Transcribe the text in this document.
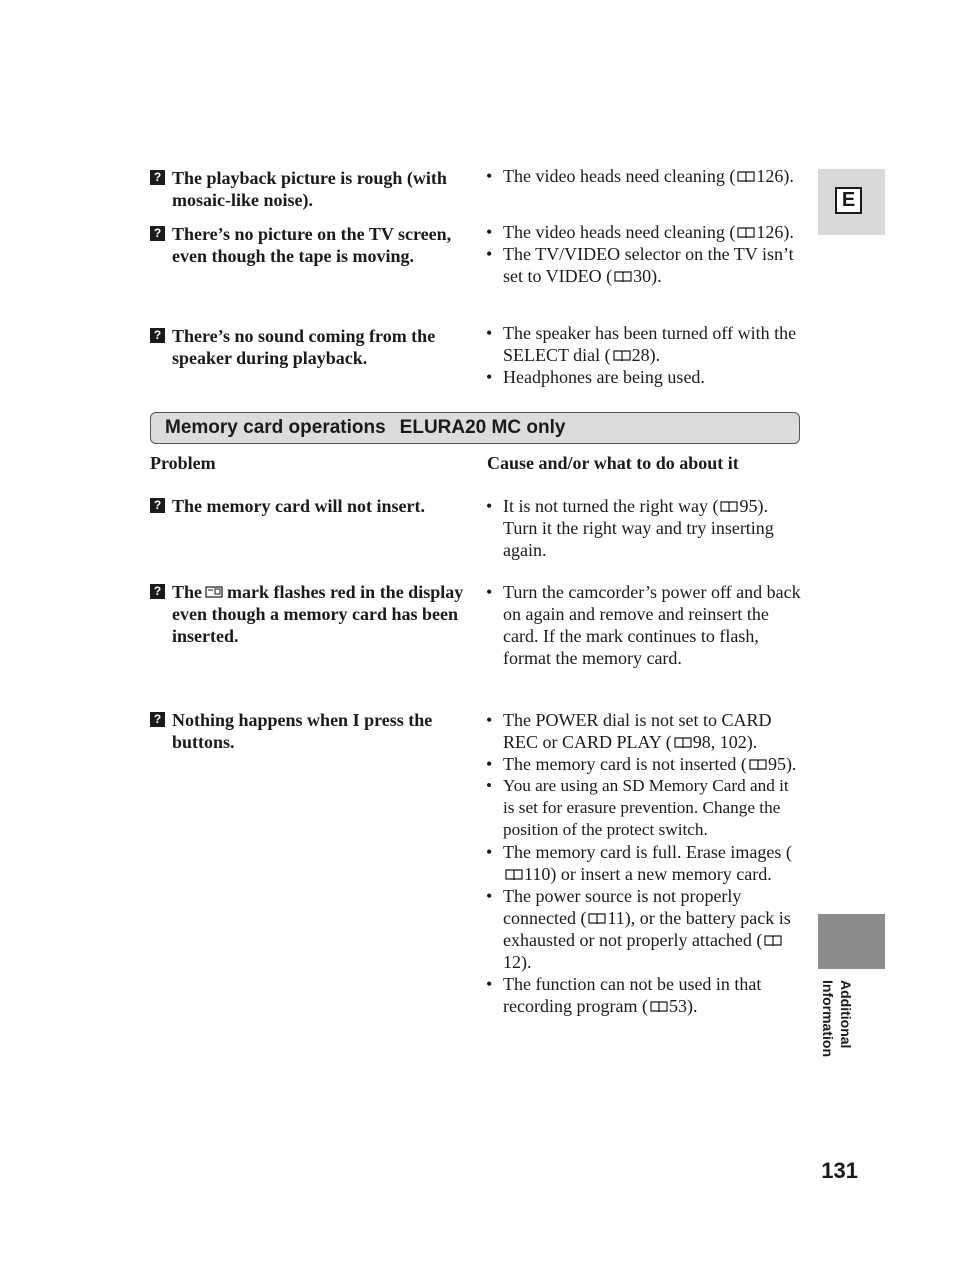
E
? The playback picture is rough (with mosaic-like noise).
• The video heads need cleaning ( 126).
? There’s no picture on the TV screen, even though the tape is moving.
• The video heads need cleaning ( 126).
• The TV/VIDEO selector on the TV isn’t set to VIDEO ( 30).
? There’s no sound coming from the speaker during playback.
• The speaker has been turned off with the SELECT dial ( 28).
• Headphones are being used.
Memory card operations ELURA20 MC only
Problem	Cause and/or what to do about it
? The memory card will not insert.	• It is not turned the right way ( 95). Turn it the right way and try inserting again.
? The mark flashes red in the display even though a memory card has been inserted.
• Turn the camcorder’s power off and back on again and remove and reinsert the card. If the mark continues to flash, format the memory card.
? Nothing happens when I press the buttons.
• The POWER dial is not set to CARD REC or CARD PLAY ( 98, 102).
• The memory card is not inserted ( 95).
• You are using an SD Memory Card and it is set for erasure prevention. Change the position of the protect switch.
• The memory card is full. Erase images (
110) or insert a new memory card.
• The power source is not properly connected ( 11), or the battery pack is exhausted or not properly attached (
12).
• The function can not be used in that recording program ( 53).	Additional
Information
131
